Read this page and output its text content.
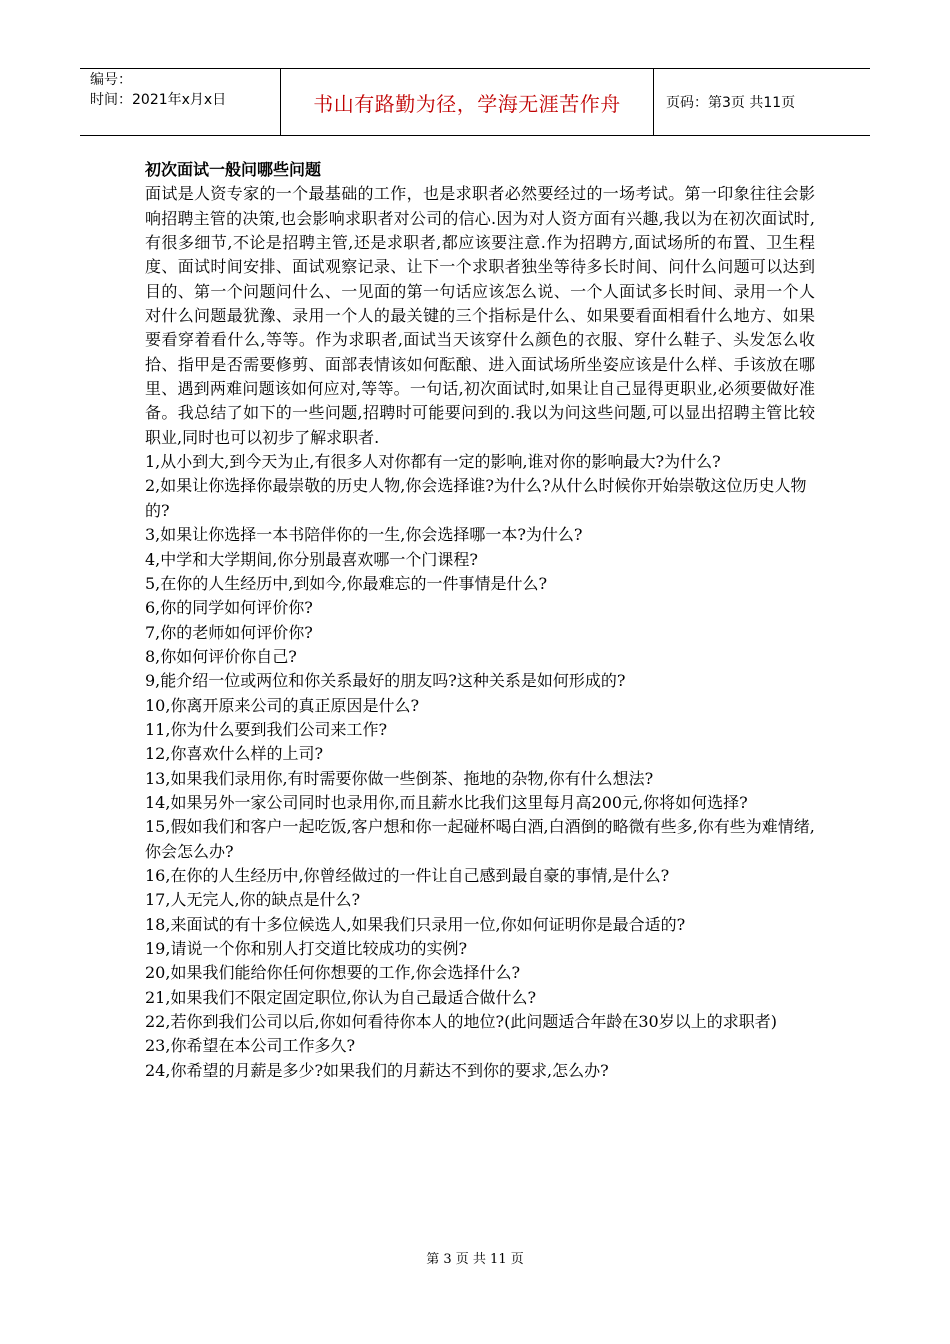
编号：
时间：2021年x月x日	书山有路勤为径，学海无涯苦作舟	页码：第3页 共11页

初次面试一般问哪些问题

面试是人资专家的一个最基础的工作，也是求职者必然要经过的一场考试。第一印象往往会影响招聘主管的决策,也会影响求职者对公司的信心.因为对人资方面有兴趣,我以为在初次面试时,有很多细节,不论是招聘主管,还是求职者,都应该要注意.作为招聘方,面试场所的布置、卫生程度、面试时间安排、面试观察记录、让下一个求职者独坐等待多长时间、问什么问题可以达到目的、第一个问题问什么、一见面的第一句话应该怎么说、一个人面试多长时间、录用一个人对什么问题最犹豫、录用一个人的最关键的三个指标是什么、如果要看面相看什么地方、如果要看穿着看什么,等等。作为求职者,面试当天该穿什么颜色的衣服、穿什么鞋子、头发怎么收拾、指甲是否需要修剪、面部表情该如何酝酿、进入面试场所坐姿应该是什么样、手该放在哪里、遇到两难问题该如何应对,等等。一句话,初次面试时,如果让自己显得更职业,必须要做好准备。我总结了如下的一些问题,招聘时可能要问到的.我以为问这些问题,可以显出招聘主管比较职业,同时也可以初步了解求职者.

1,从小到大,到今天为止,有很多人对你都有一定的影响,谁对你的影响最大?为什么?
2,如果让你选择你最崇敬的历史人物,你会选择谁?为什么?从什么时候你开始崇敬这位历史人物的?
3,如果让你选择一本书陪伴你的一生,你会选择哪一本?为什么?
4,中学和大学期间,你分别最喜欢哪一个门课程?
5,在你的人生经历中,到如今,你最难忘的一件事情是什么?
6,你的同学如何评价你?
7,你的老师如何评价你?
8,你如何评价你自己?
9,能介绍一位或两位和你关系最好的朋友吗?这种关系是如何形成的?
10,你离开原来公司的真正原因是什么?
11,你为什么要到我们公司来工作?
12,你喜欢什么样的上司?
13,如果我们录用你,有时需要你做一些倒茶、拖地的杂物,你有什么想法?
14,如果另外一家公司同时也录用你,而且薪水比我们这里每月高200元,你将如何选择?
15,假如我们和客户一起吃饭,客户想和你一起碰杯喝白酒,白酒倒的略微有些多,你有些为难情绪,你会怎么办?
16,在你的人生经历中,你曾经做过的一件让自己感到最自豪的事情,是什么?
17,人无完人,你的缺点是什么?
18,来面试的有十多位候选人,如果我们只录用一位,你如何证明你是最合适的?
19,请说一个你和别人打交道比较成功的实例?
20,如果我们能给你任何你想要的工作,你会选择什么?
21,如果我们不限定固定职位,你认为自己最适合做什么?
22,若你到我们公司以后,你如何看待你本人的地位?(此问题适合年龄在30岁以上的求职者)
23,你希望在本公司工作多久?
24,你希望的月薪是多少?如果我们的月薪达不到你的要求,怎么办?
第 3 页 共 11 页
